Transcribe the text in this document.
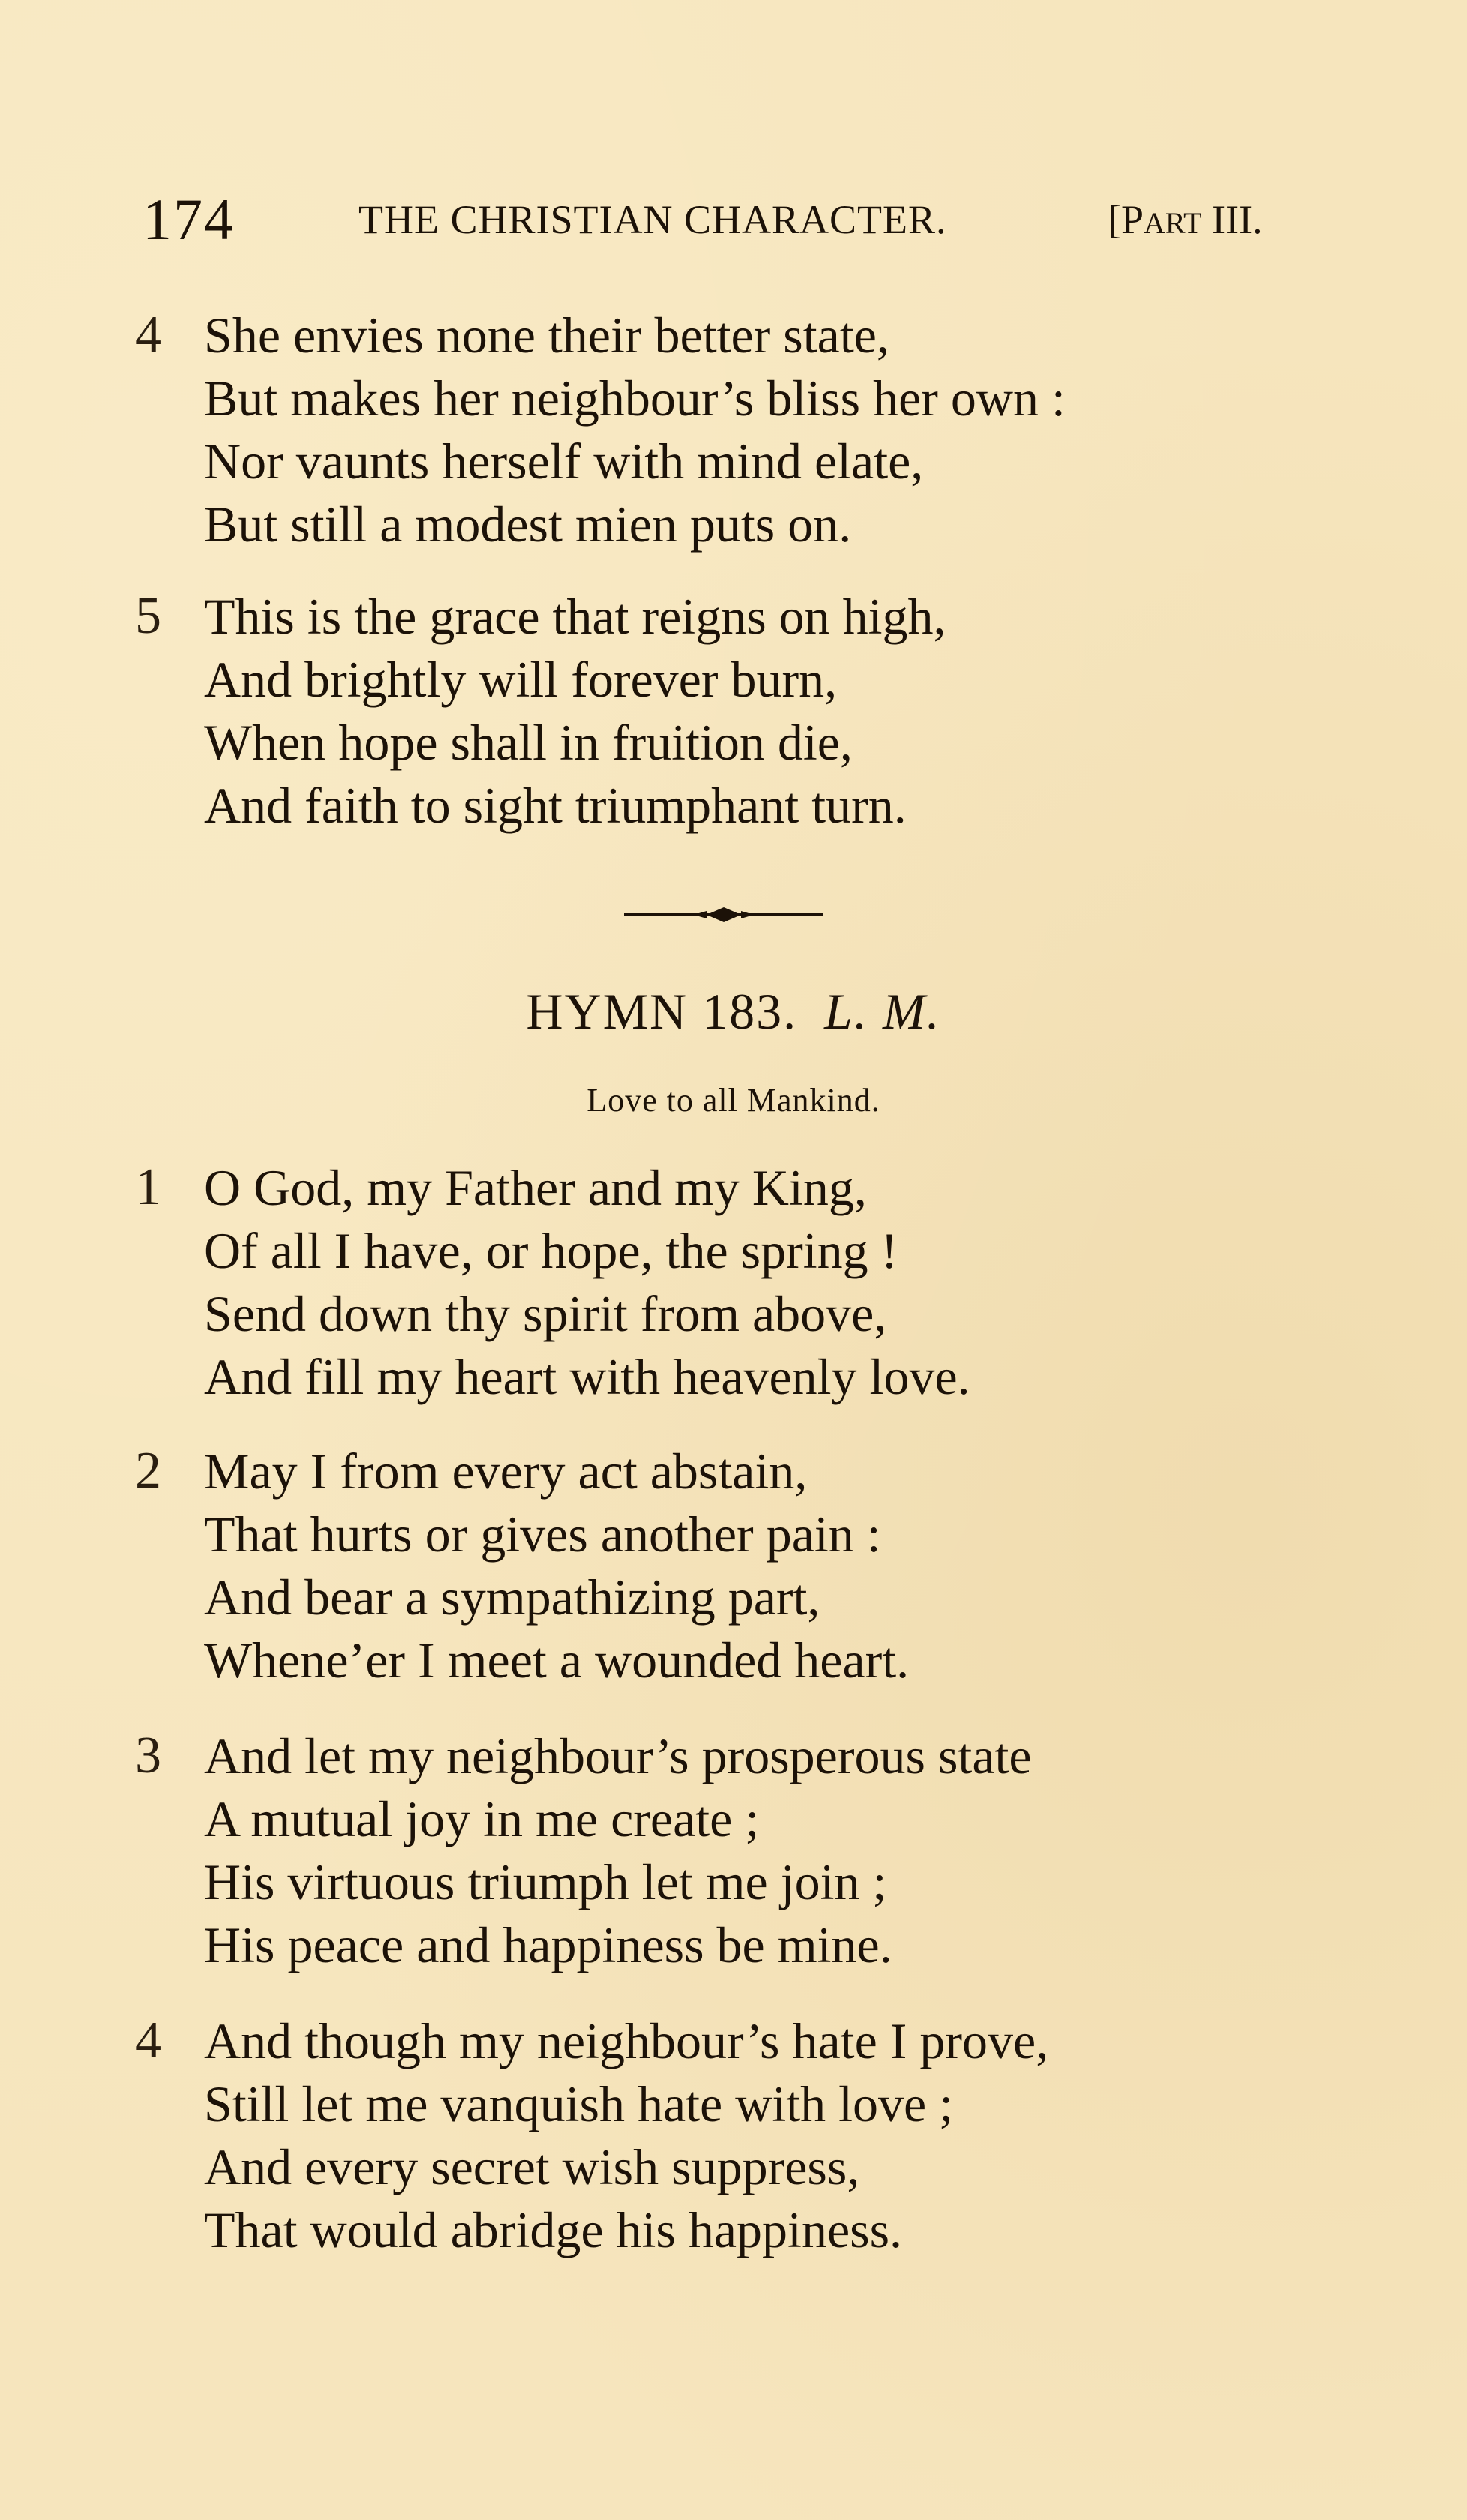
174	THE CHRISTIAN CHARACTER.	[PART III.
4 She envies none their better state,
But makes her neighbour’s bliss her own :
Nor vaunts herself with mind elate,
But still a modest mien puts on.
5 This is the grace that reigns on high,
And brightly will forever burn,
When hope shall in fruition die,
And faith to sight triumphant turn.
HYMN 183. L. M.
Love to all Mankind.
1 O God, my Father and my King,
Of all I have, or hope, the spring !
Send down thy spirit from above,
And fill my heart with heavenly love.
2 May I from every act abstain,
That hurts or gives another pain :
And bear a sympathizing part,
Whene’er I meet a wounded heart.
3 And let my neighbour’s prosperous state
A mutual joy in me create ;
His virtuous triumph let me join ;
His peace and happiness be mine.
4 And though my neighbour’s hate I prove,
Still let me vanquish hate with love ;
And every secret wish suppress,
That would abridge his happiness.
